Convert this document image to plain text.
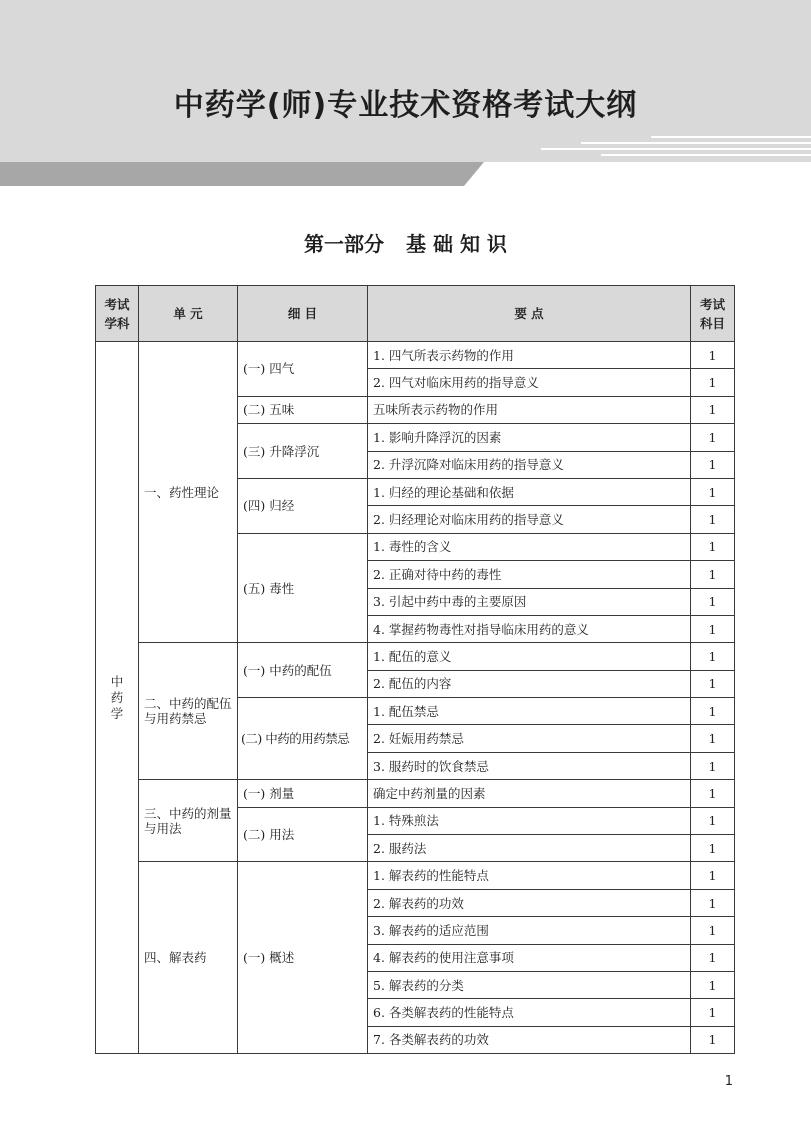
中药学(师)专业技术资格考试大纲
第一部分 基 础 知 识
考试学科	单 元	细 目	要 点	考试科目
中药学	一、药性理论	(一) 四气	1. 四气所表示药物的作用	1
			2. 四气对临床用药的指导意义	1
		(二) 五味	五味所表示药物的作用	1
		(三) 升降浮沉	1. 影响升降浮沉的因素	1
			2. 升浮沉降对临床用药的指导意义	1
		(四) 归经	1. 归经的理论基础和依据	1
			2. 归经理论对临床用药的指导意义	1
		(五) 毒性	1. 毒性的含义	1
			2. 正确对待中药的毒性	1
			3. 引起中药中毒的主要原因	1
			4. 掌握药物毒性对指导临床用药的意义	1
	二、中药的配伍与用药禁忌	(一) 中药的配伍	1. 配伍的意义	1
			2. 配伍的内容	1
		(二) 中药的用药禁忌	1. 配伍禁忌	1
			2. 妊娠用药禁忌	1
			3. 服药时的饮食禁忌	1
	三、中药的剂量与用法	(一) 剂量	确定中药剂量的因素	1
		(二) 用法	1. 特殊煎法	1
			2. 服药法	1
	四、解表药	(一) 概述	1. 解表药的性能特点	1
			2. 解表药的功效	1
			3. 解表药的适应范围	1
			4. 解表药的使用注意事项	1
			5. 解表药的分类	1
			6. 各类解表药的性能特点	1
			7. 各类解表药的功效	1
1
